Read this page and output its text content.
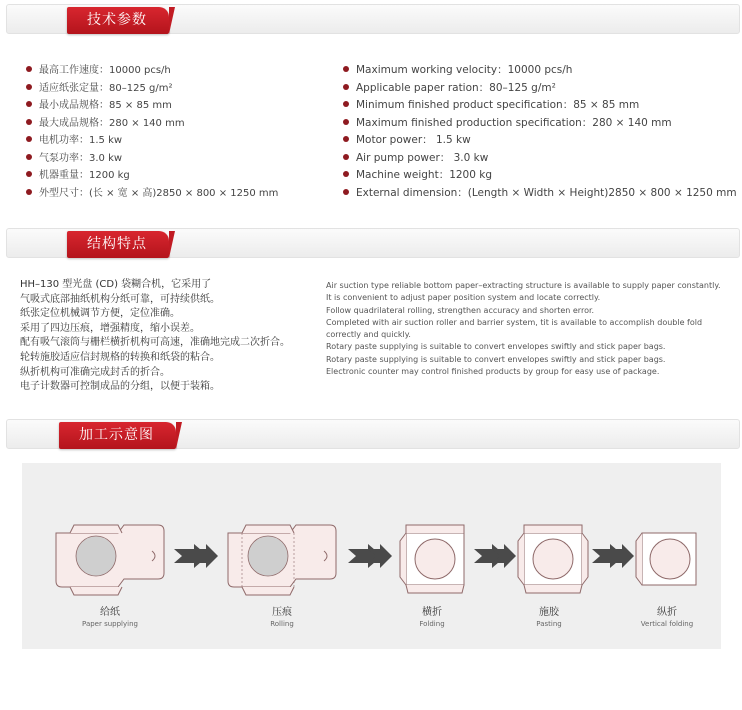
技术参数
最高工作速度：10000 pcs/h
适应纸张定量：80–125 g/m²
最小成品规格：85 × 85 mm
最大成品规格：280 × 140 mm
电机功率：1.5 kw
气泵功率：3.0 kw
机器重量：1200 kg
外型尺寸：(长 × 宽 × 高)2850 × 800 × 1250 mm
Maximum working velocity：10000 pcs/h
Applicable paper ration：80–125 g/m²
Minimum finished product specification：85 × 85 mm
Maximum finished production specification：280 × 140 mm
Motor power： 1.5 kw
Air pump power： 3.0 kw
Machine weight：1200 kg
External dimension：(Length × Width × Height)2850 × 800 × 1250 mm
结构特点
HH–130 型光盘 (CD) 袋糊合机，它采用了
气吸式底部抽纸机构分纸可靠，可持续供纸。
纸张定位机械调节方便，定位准确。
采用了四边压痕，增强精度，缩小误差。
配有吸气滚筒与栅栏横折机构可高速，准确地完成二次折合。
轮转施胶适应信封规格的转换和纸袋的粘合。
纵折机构可准确完成封舌的折合。
电子计数器可控制成品的分组，以便于装箱。
Air suction type reliable bottom paper–extracting structure is available to supply paper constantly.
It is convenient to adjust paper position system and locate correctly.
Follow quadrilateral rolling, strengthen accuracy and shorten error.
Completed with air suction roller and barrier system, tit is available to accomplish double fold
correctly and quickly.
Rotary paste supplying is suitable to convert envelopes swiftly and stick paper bags.
Rotary paste supplying is suitable to convert envelopes swiftly and stick paper bags.
Electronic counter may control finished products by group for easy use of package.
加工示意图
给纸
Paper supplying
压痕
Rolling
横折
Folding
施胶
Pasting
纵折
Vertical folding
